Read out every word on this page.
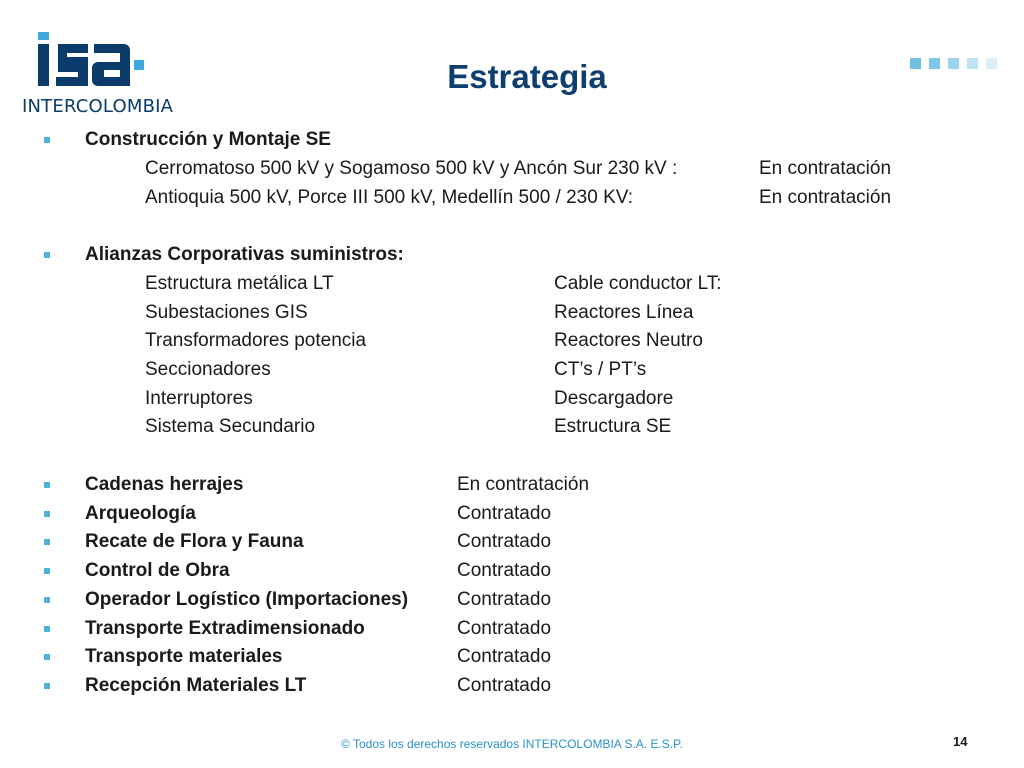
INTERCOLOMBIA
Estrategia
Construcción y Montaje SE
Cerromatoso 500 kV y Sogamoso 500 kV y Ancón Sur 230 kV :	En contratación
Antioquia 500 kV, Porce III 500 kV, Medellín 500 / 230 KV:	En contratación
Alianzas Corporativas suministros:
Estructura metálica LT	Cable conductor LT:
Subestaciones GIS	Reactores Línea
Transformadores potencia	Reactores Neutro
Seccionadores	CT’s / PT’s
Interruptores	Descargadore
Sistema Secundario	Estructura SE
Cadenas herrajes	En contratación
Arqueología	Contratado
Recate de Flora y Fauna	Contratado
Control de Obra	Contratado
Operador Logístico (Importaciones)	Contratado
Transporte Extradimensionado	Contratado
Transporte materiales	Contratado
Recepción Materiales LT	Contratado
© Todos los derechos reservados INTERCOLOMBIA S.A. E.S.P.	14
